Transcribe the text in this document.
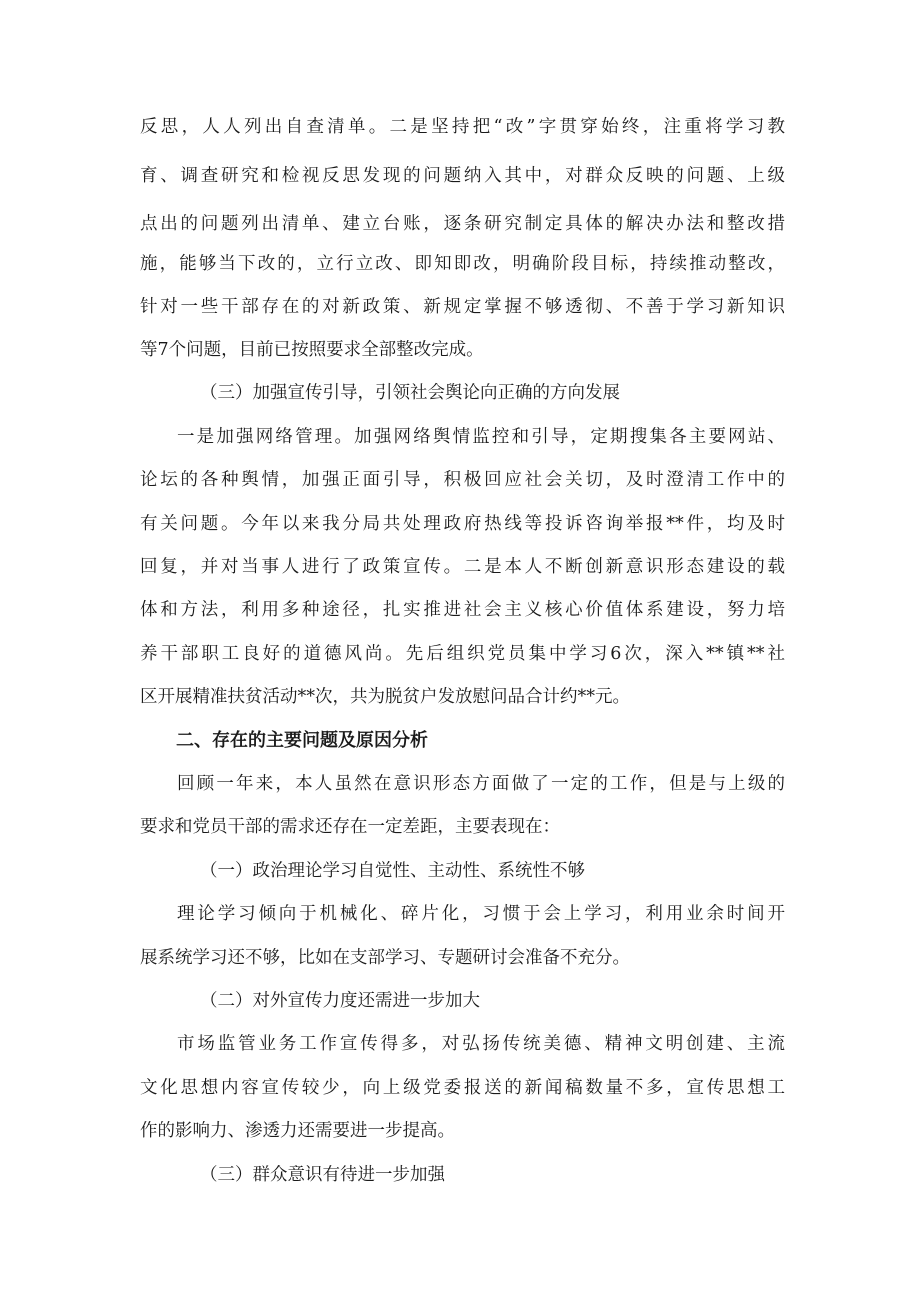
反思，人人列出自查清单。二是坚持把“改”字贯穿始终，注重将学习教
育、调查研究和检视反思发现的问题纳入其中，对群众反映的问题、上级
点出的问题列出清单、建立台账，逐条研究制定具体的解决办法和整改措
施，能够当下改的，立行立改、即知即改，明确阶段目标，持续推动整改，
针对一些干部存在的对新政策、新规定掌握不够透彻、不善于学习新知识
等7个问题，目前已按照要求全部整改完成。
（三）加强宣传引导，引领社会舆论向正确的方向发展
一是加强网络管理。加强网络舆情监控和引导，定期搜集各主要网站、
论坛的各种舆情，加强正面引导，积极回应社会关切，及时澄清工作中的
有关问题。今年以来我分局共处理政府热线等投诉咨询举报**件，均及时
回复，并对当事人进行了政策宣传。二是本人不断创新意识形态建设的载
体和方法，利用多种途径，扎实推进社会主义核心价值体系建设，努力培
养干部职工良好的道德风尚。先后组织党员集中学习6次，深入**镇**社
区开展精准扶贫活动**次，共为脱贫户发放慰问品合计约**元。
二、存在的主要问题及原因分析
回顾一年来，本人虽然在意识形态方面做了一定的工作，但是与上级的
要求和党员干部的需求还存在一定差距，主要表现在：
（一）政治理论学习自觉性、主动性、系统性不够
理论学习倾向于机械化、碎片化，习惯于会上学习，利用业余时间开
展系统学习还不够，比如在支部学习、专题研讨会准备不充分。
（二）对外宣传力度还需进一步加大
市场监管业务工作宣传得多，对弘扬传统美德、精神文明创建、主流
文化思想内容宣传较少，向上级党委报送的新闻稿数量不多，宣传思想工
作的影响力、渗透力还需要进一步提高。
（三）群众意识有待进一步加强
